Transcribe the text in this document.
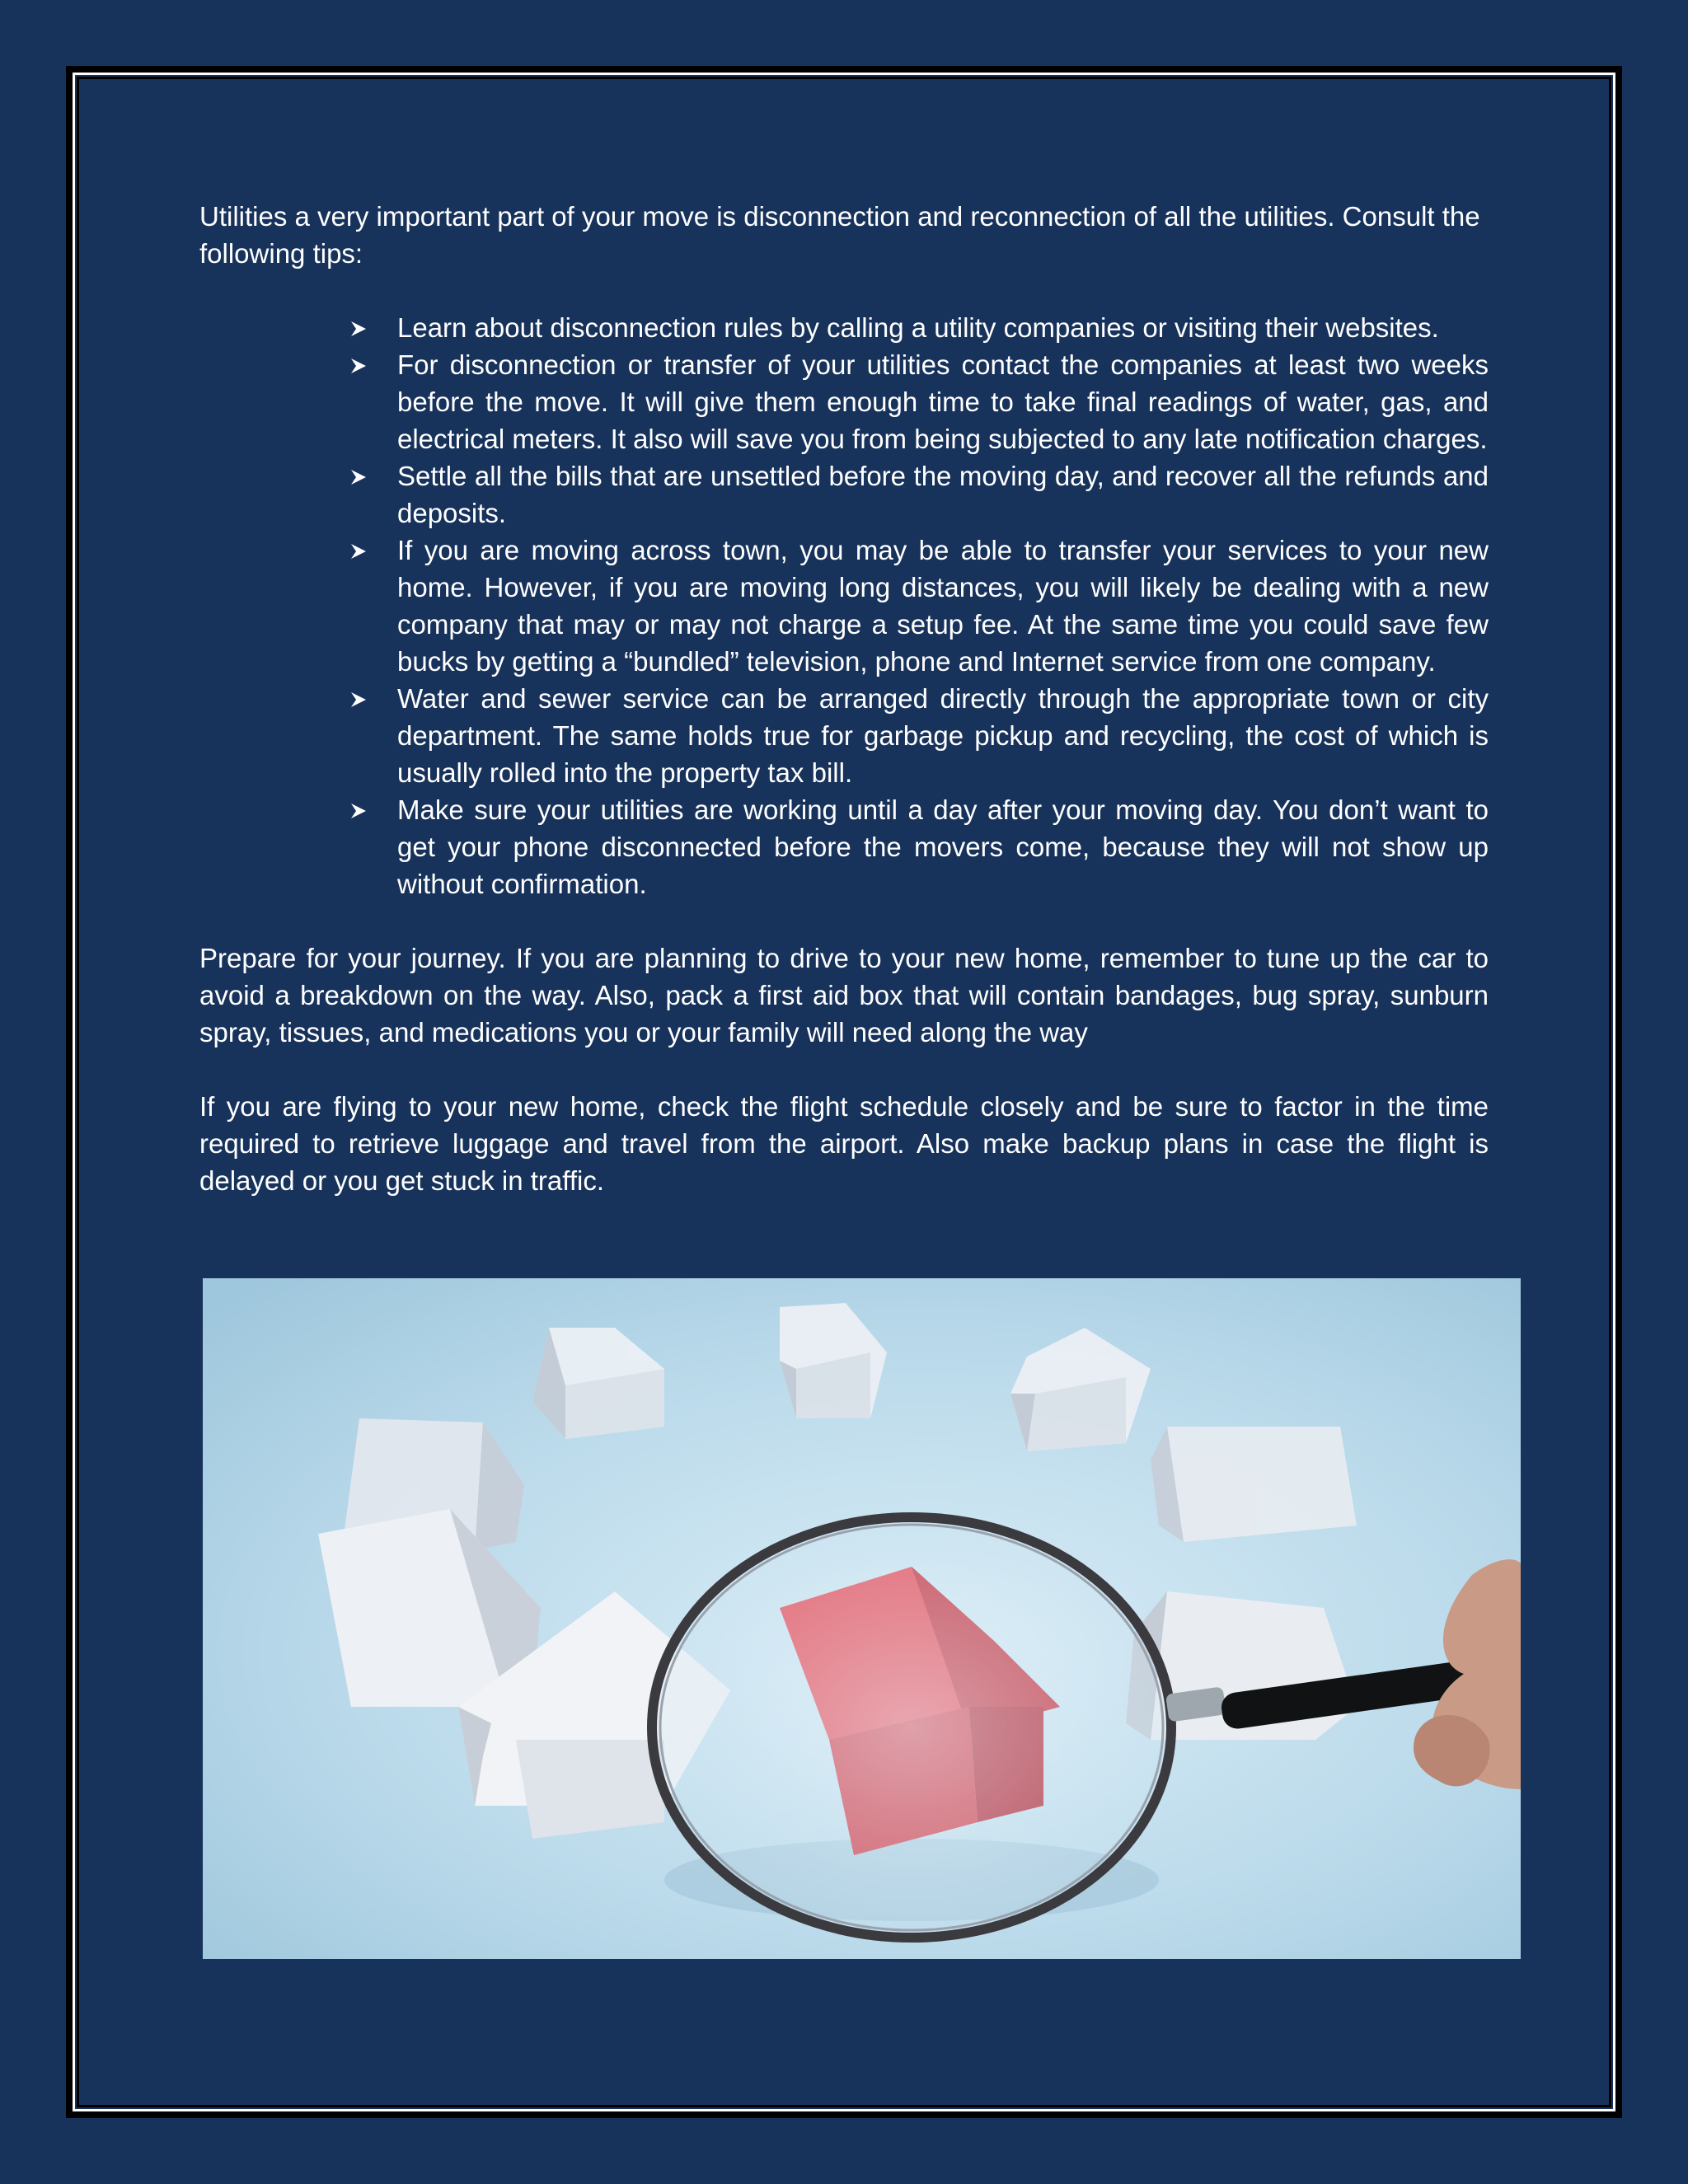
Utilities a very important part of your move is disconnection and reconnection of all the utilities. Consult the following tips:

Learn about disconnection rules by calling a utility companies or visiting their websites.
For disconnection or transfer of your utilities contact the companies at least two weeks before the move. It will give them enough time to take final readings of water, gas, and electrical meters. It also will save you from being subjected to any late notification charges.
Settle all the bills that are unsettled before the moving day, and recover all the refunds and deposits.
If you are moving across town, you may be able to transfer your services to your new home. However, if you are moving long distances, you will likely be dealing with a new company that may or may not charge a setup fee. At the same time you could save few bucks by getting a “bundled” television, phone and Internet service from one company.
Water and sewer service can be arranged directly through the appropriate town or city department. The same holds true for garbage pickup and recycling, the cost of which is usually rolled into the property tax bill.
Make sure your utilities are working until a day after your moving day. You don’t want to get your phone disconnected before the movers come, because they will not show up without confirmation.

Prepare for your journey. If you are planning to drive to your new home, remember to tune up the car to avoid a breakdown on the way. Also, pack a first aid box that will contain bandages, bug spray, sunburn spray, tissues, and medications you or your family will need along the way

If you are flying to your new home, check the flight schedule closely and be sure to factor in the time required to retrieve luggage and travel from the airport. Also make backup plans in case the flight is delayed or you get stuck in traffic.
